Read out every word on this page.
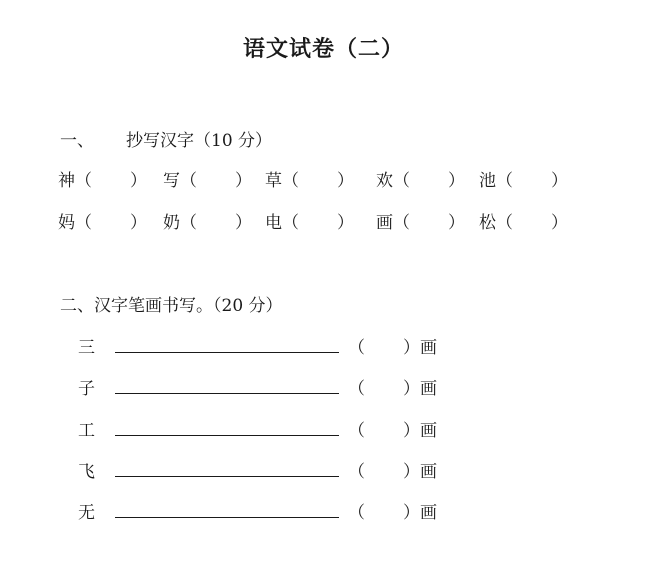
语文试卷（二）
一、 抄写汉字（10 分）
神（ ） 写（ ） 草（ ） 欢（ ） 池（ ）
妈（ ） 奶（ ） 电（ ） 画（ ） 松（ ）
二、汉字笔画书写。（20 分）
三	（ ）画
子	（ ）画
工	（ ）画
飞	（ ）画
无	（ ）画
